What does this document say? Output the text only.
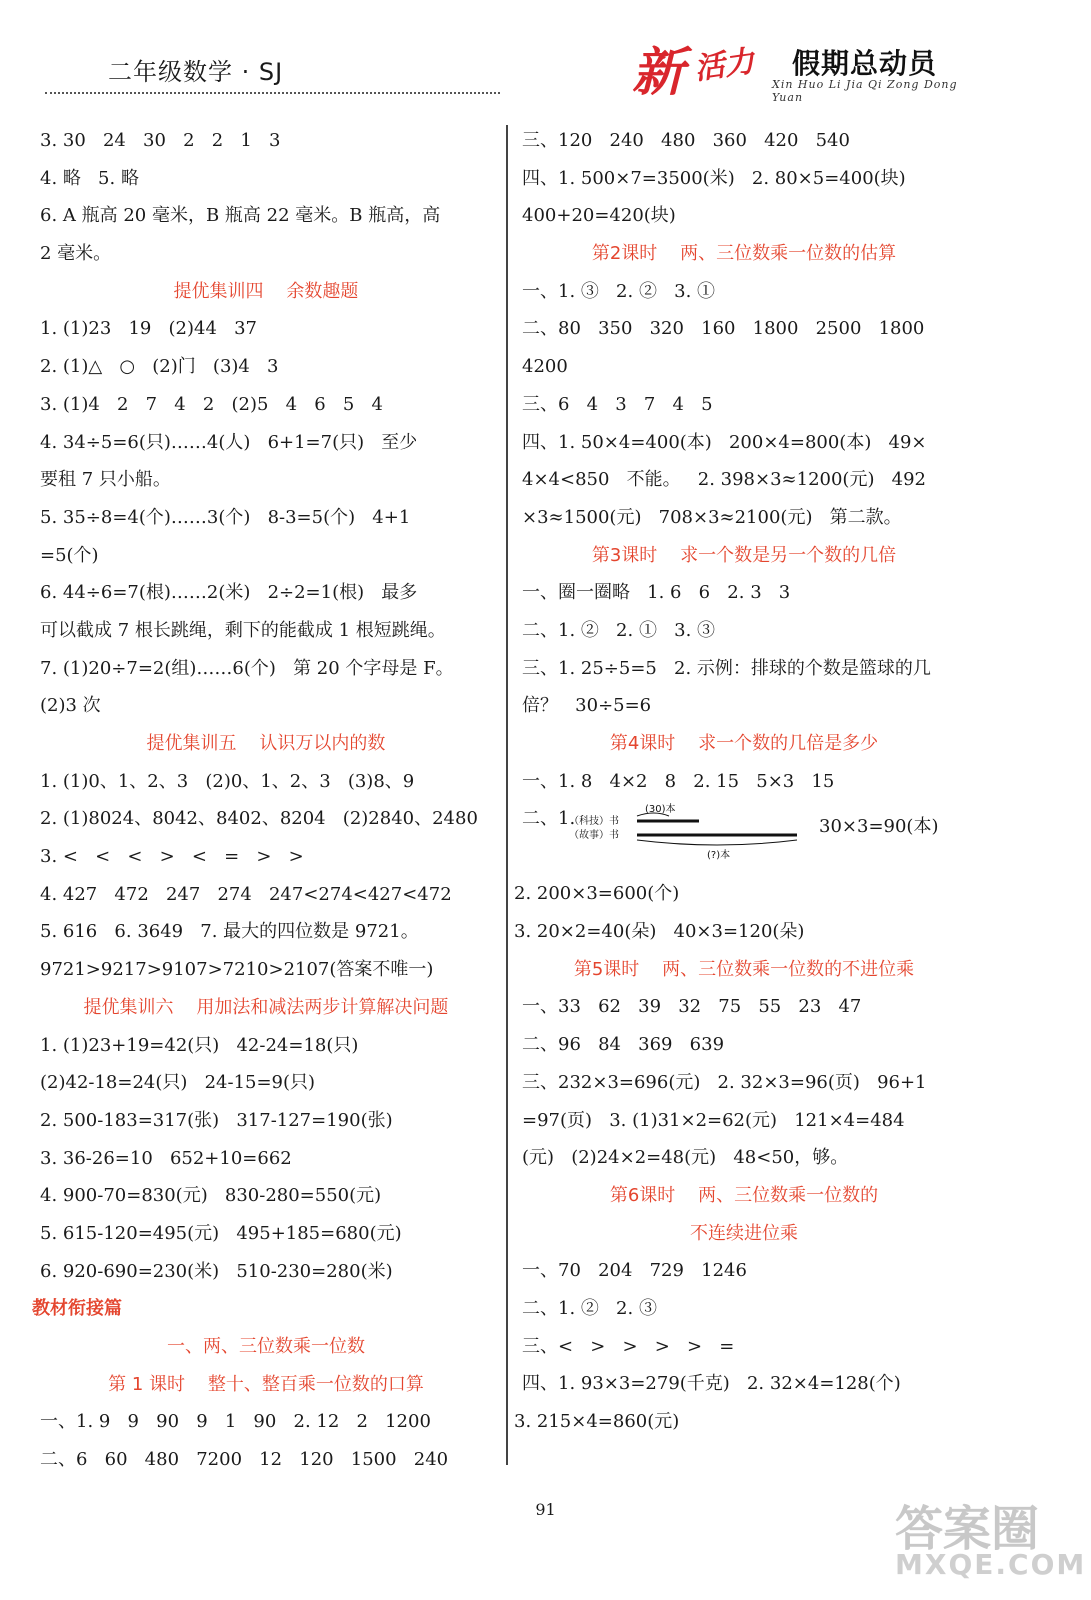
二年级数学 · SJ	新 活力 假期总动员
Xin Huo Li Jia Qi Zong Dong Yuan
3. 30   24   30   2   2   1   3
4. 略   5. 略
6. A 瓶高 20 毫米，B 瓶高 22 毫米。B 瓶高，高
2 毫米。
提优集训四    余数趣题
1. (1)23   19   (2)44   37
2. (1)△   ○   (2)门   (3)4   3
3. (1)4   2   7   4   2   (2)5   4   6   5   4
4. 34÷5=6(只)……4(人)   6+1=7(只)   至少
要租 7 只小船。
5. 35÷8=4(个)……3(个)   8-3=5(个)   4+1
=5(个)
6. 44÷6=7(根)……2(米)   2÷2=1(根)   最多
可以截成 7 根长跳绳，剩下的能截成 1 根短跳绳。
7. (1)20÷7=2(组)……6(个)   第 20 个字母是 F。
(2)3 次
提优集训五    认识万以内的数
1. (1)0、1、2、3   (2)0、1、2、3   (3)8、9
2. (1)8024、8042、8402、8204   (2)2840、2480
3. <   <   <   >   <   =   >   >
4. 427   472   247   274   247<274<427<472
5. 616   6. 3649   7. 最大的四位数是 9721。
9721>9217>9107>7210>2107(答案不唯一)
提优集训六    用加法和减法两步计算解决问题
1. (1)23+19=42(只)   42-24=18(只)
(2)42-18=24(只)   24-15=9(只)
2. 500-183=317(张)   317-127=190(张)
3. 36-26=10   652+10=662
4. 900-70=830(元)   830-280=550(元)
5. 615-120=495(元)   495+185=680(元)
6. 920-690=230(米)   510-230=280(米)
教材衔接篇
一、两、三位数乘一位数
第 1 课时    整十、整百乘一位数的口算
一、1. 9   9   90   9   1   90   2. 12   2   1200
二、6   60   480   7200   12   120   1500   240
三、120   240   480   360   420   540
四、1. 500×7=3500(米)   2. 80×5=400(块)
400+20=420(块)
第2课时    两、三位数乘一位数的估算
一、1. ③   2. ②   3. ①
二、80   350   320   160   1800   2500   1800
4200
三、6   4   3   7   4   5
四、1. 50×4=400(本)   200×4=800(本)   49×
4×4<850   不能。   2. 398×3≈1200(元)   492
×3≈1500(元)   708×3≈2100(元)   第二款。
第3课时    求一个数是另一个数的几倍
一、圈一圈略   1. 6   6   2. 3   3
二、1. ②   2. ①   3. ③
三、1. 25÷5=5   2. 示例：排球的个数是篮球的几
倍？   30÷5=6
第4课时    求一个数的几倍是多少
一、1. 8   4×2   8   2. 15   5×3   15
二、1.	(30)本
（科技）书
（故事）书
(?)本
30×3=90(本)
2. 200×3=600(个)
3. 20×2=40(朵)   40×3=120(朵)
第5课时    两、三位数乘一位数的不进位乘
一、33   62   39   32   75   55   23   47
二、96   84   369   639
三、232×3=696(元)   2. 32×3=96(页)   96+1
=97(页)   3. (1)31×2=62(元)   121×4=484
(元)   (2)24×2=48(元)   48<50，够。
第6课时    两、三位数乘一位数的
不连续进位乘
一、70   204   729   1246
二、1. ②   2. ③
三、<   >   >   >   >   =
四、1. 93×3=279(千克)   2. 32×4=128(个)
3. 215×4=860(元)
91	答案圈
MXQE.COM
